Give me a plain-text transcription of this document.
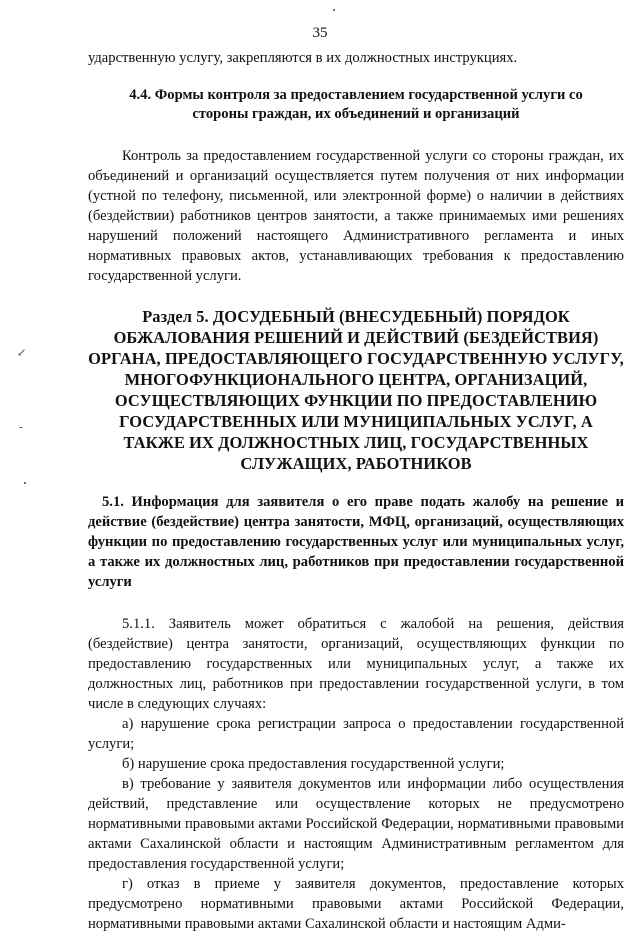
↙
-
35

ударственную услугу, закрепляются в их должностных инструкциях.

4.4. Формы контроля за предоставлением государственной услуги со стороны граждан, их объединений и организаций

Контроль за предоставлением государственной услуги со стороны граждан, их объединений и организаций осуществляется путем получения от них информации (устной по телефону, письменной, или электронной форме) о наличии в действиях (бездействии) работников центров занятости, а также принимаемых ими решениях нарушений положений настоящего Административного регламента и иных нормативных правовых актов, устанавливающих требования к предоставлению государственной услуги.

Раздел 5. ДОСУДЕБНЫЙ (ВНЕСУДЕБНЫЙ) ПОРЯДОК ОБЖАЛОВАНИЯ РЕШЕНИЙ И ДЕЙСТВИЙ (БЕЗДЕЙСТВИЯ) ОРГАНА, ПРЕДОСТАВЛЯЮЩЕГО ГОСУДАРСТВЕННУЮ УСЛУГУ, МНОГОФУНКЦИОНАЛЬНОГО ЦЕНТРА, ОРГАНИЗАЦИЙ, ОСУЩЕСТВЛЯЮЩИХ ФУНКЦИИ ПО ПРЕДОСТАВЛЕНИЮ ГОСУДАРСТВЕННЫХ ИЛИ МУНИЦИПАЛЬНЫХ УСЛУГ, А ТАКЖЕ ИХ ДОЛЖНОСТНЫХ ЛИЦ, ГОСУДАРСТВЕННЫХ СЛУЖАЩИХ, РАБОТНИКОВ
5.1. Информация для заявителя о его праве подать жалобу на решение и действие (бездействие) центра занятости, МФЦ, организаций, осуществляющих функции по предоставлению государственных услуг или муниципальных услуг, а также их должностных лиц, работников при предоставлении государственной услуги

5.1.1. Заявитель может обратиться с жалобой на решения, действия (бездействие) центра занятости, организаций, осуществляющих функции по предоставлению государственных или муниципальных услуг, а также их должностных лиц, работников при предоставлении государственной услуги, в том числе в следующих случаях:

а) нарушение срока регистрации запроса о предоставлении государственной услуги;

б) нарушение срока предоставления государственной услуги;

в) требование у заявителя документов или информации либо осуществления действий, представление или осуществление которых не предусмотрено нормативными правовыми актами Российской Федерации, нормативными правовыми актами Сахалинской области и настоящим Административным регламентом для предоставления государственной услуги;

г) отказ в приеме у заявителя документов, предоставление которых предусмотрено нормативными правовыми актами Российской Федерации, нормативными правовыми актами Сахалинской области и настоящим Адми-
